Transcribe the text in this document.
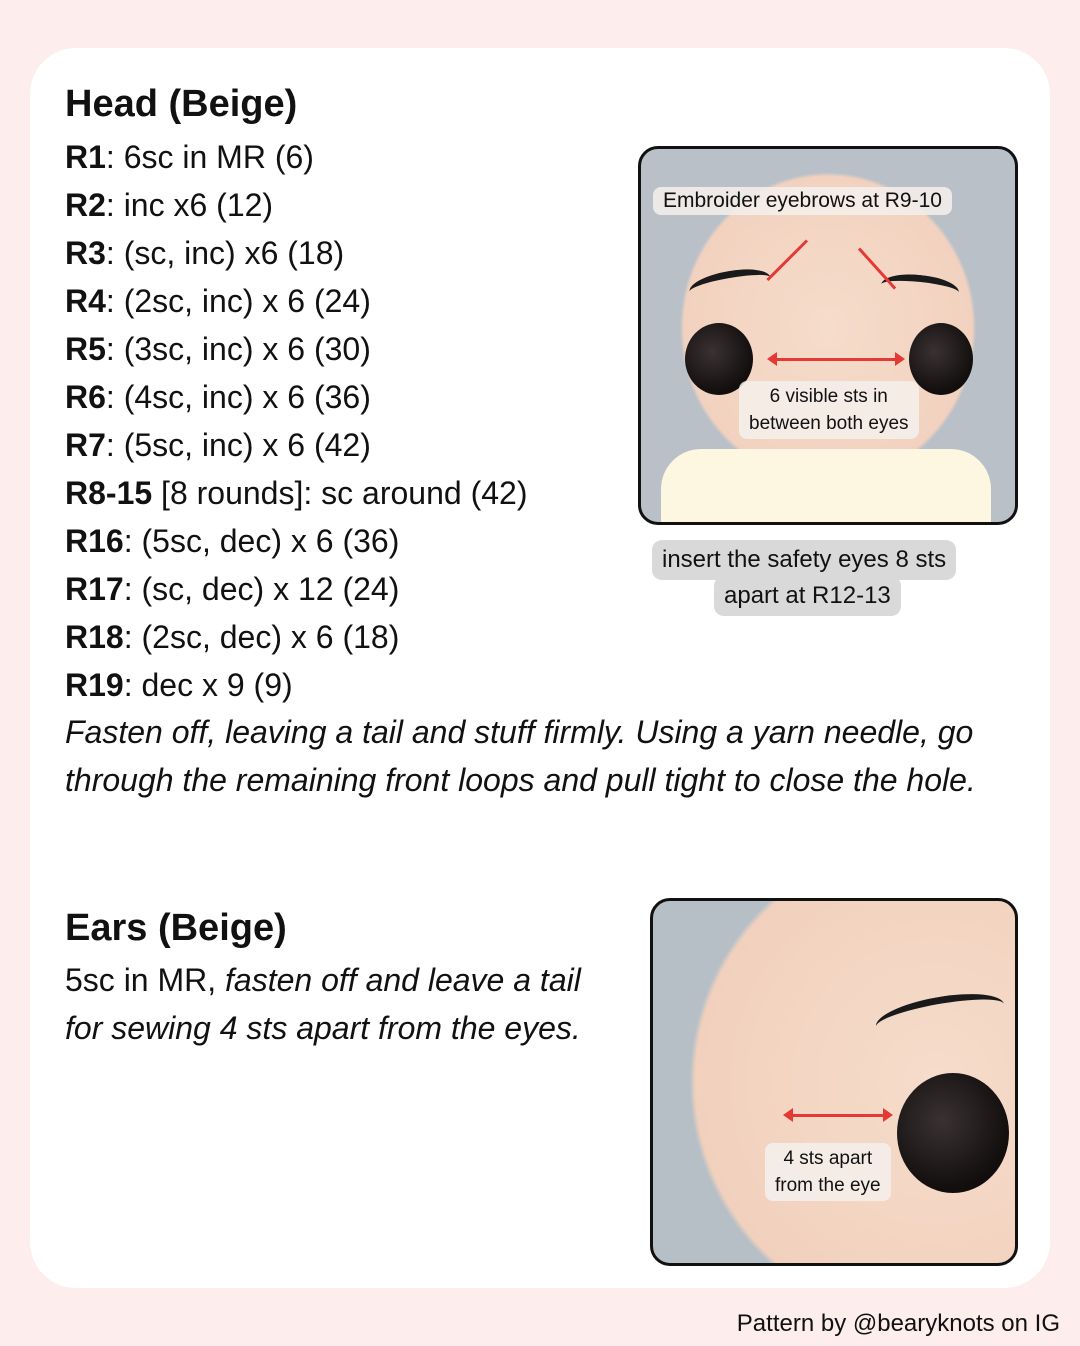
Head (Beige)
R1: 6sc in MR (6)
R2: inc x6 (12)
R3: (sc, inc) x6 (18)
R4: (2sc, inc) x 6 (24)
R5: (3sc, inc) x 6 (30)
R6: (4sc, inc) x 6 (36)
R7: (5sc, inc) x 6 (42)
R8-15 [8 rounds]: sc around (42)
R16: (5sc, dec) x 6 (36)
R17: (sc, dec) x 12 (24)
R18: (2sc, dec) x 6 (18)
R19: dec x 9 (9)
Fasten off, leaving a tail and stuff firmly. Using a yarn needle, go through the remaining front loops and pull tight to close the hole.
Embroider eyebrows at R9-10
6 visible sts in
between both eyes
insert the safety eyes 8 sts
apart at R12-13
Ears (Beige)
5sc in MR, fasten off and leave a tail for sewing 4 sts apart from the eyes.
4 sts apart
from the eye
Pattern by @bearyknots on IG
